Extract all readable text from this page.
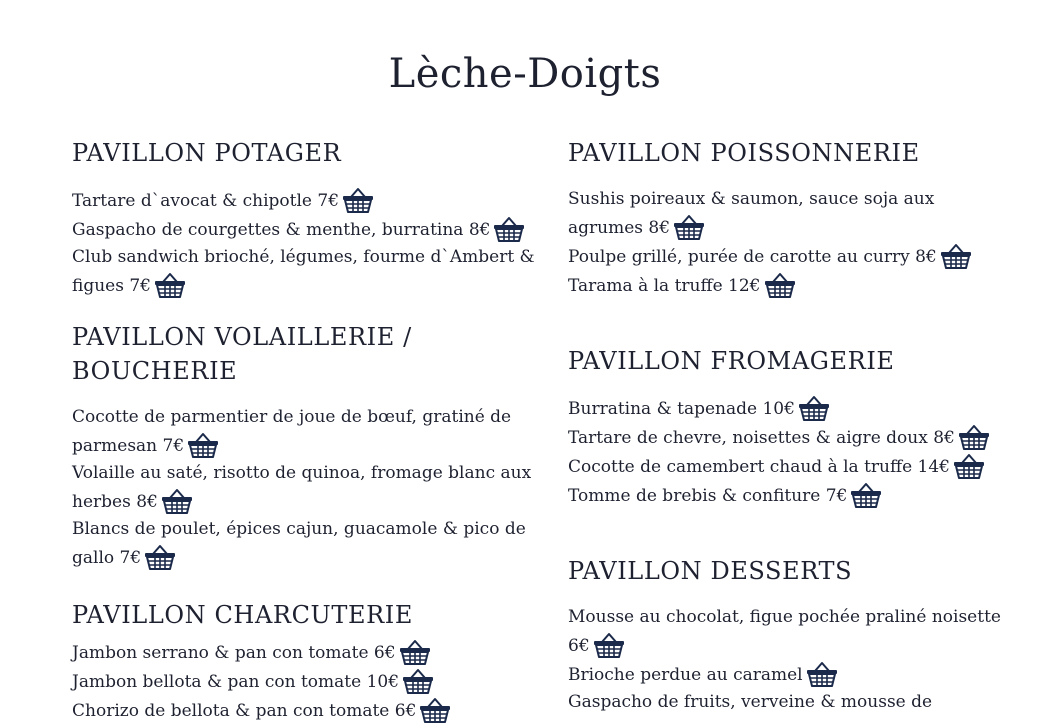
Lèche-Doigts
PAVILLON POTAGER
Tartare d`avocat & chipotle 7€
Gaspacho de courgettes & menthe, burratina 8€
Club sandwich brioché, légumes, fourme d`Ambert & figues 7€
PAVILLON VOLAILLERIE / BOUCHERIE
Cocotte de parmentier de joue de bœuf, gratiné de parmesan 7€
Volaille au saté, risotto de quinoa, fromage blanc aux herbes 8€
Blancs de poulet, épices cajun, guacamole & pico de gallo 7€
PAVILLON CHARCUTERIE
Jambon serrano & pan con tomate 6€
Jambon bellota & pan con tomate 10€
Chorizo de bellota & pan con tomate 6€
PAVILLON POISSONNERIE
Sushis poireaux & saumon, sauce soja aux agrumes 8€
Poulpe grillé, purée de carotte au curry 8€
Tarama à la truffe 12€
PAVILLON FROMAGERIE
Burratina & tapenade 10€
Tartare de chevre, noisettes & aigre doux 8€
Cocotte de camembert chaud à la truffe 14€
Tomme de brebis & confiture 7€
PAVILLON DESSERTS
Mousse au chocolat, figue pochée praliné noisette 6€
Brioche perdue au caramel
Gaspacho de fruits, verveine & mousse de
